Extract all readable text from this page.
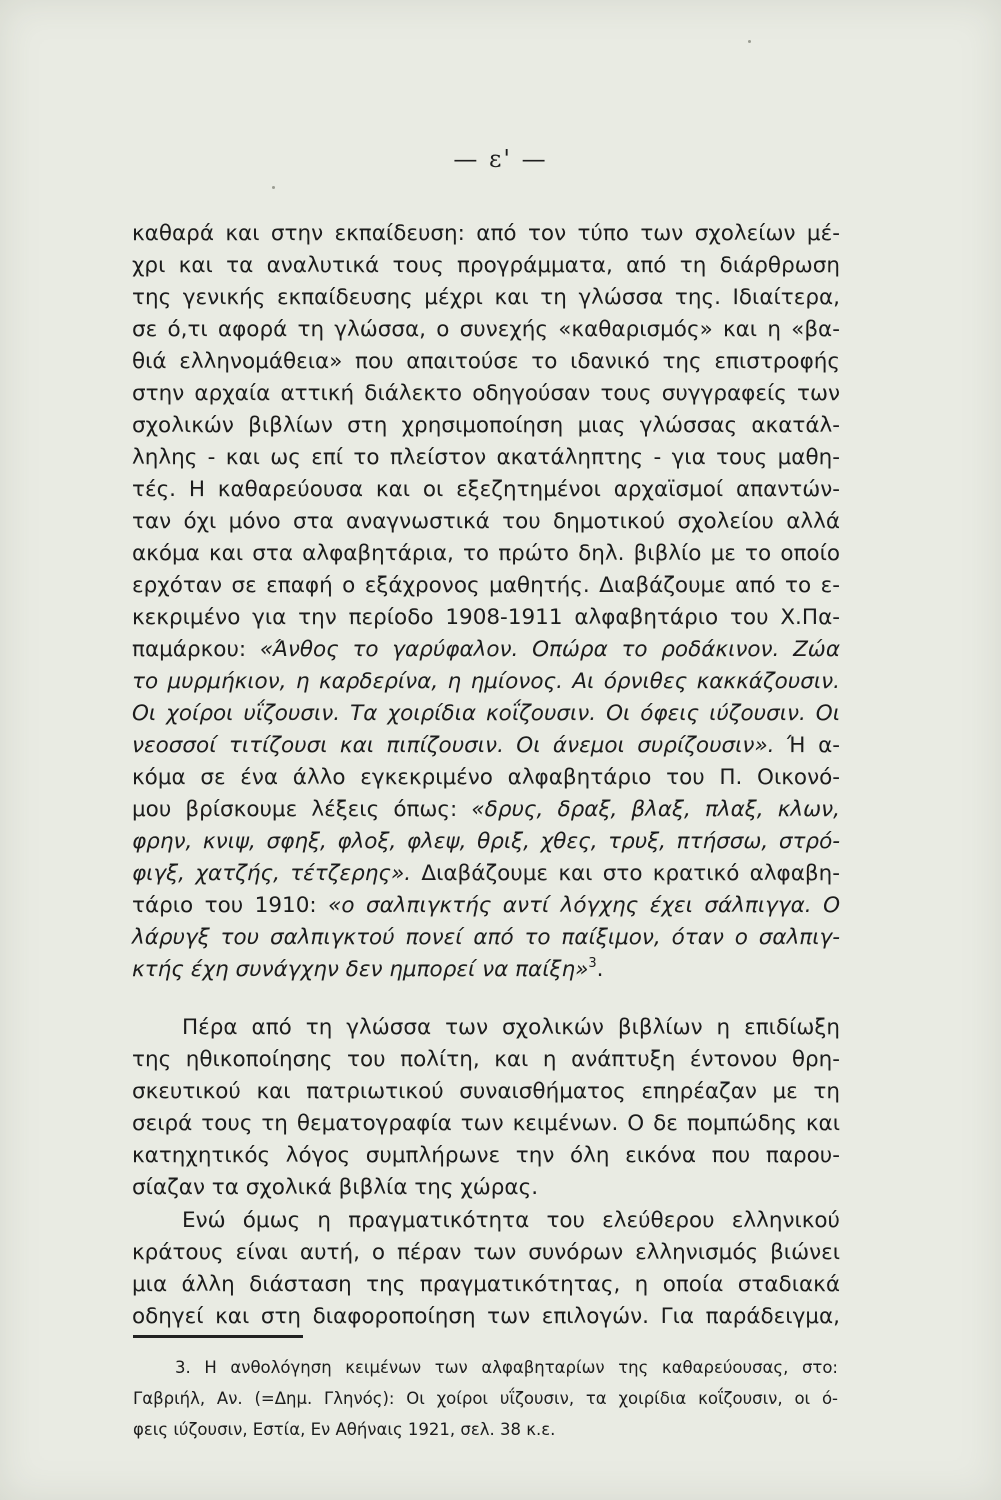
— ε' —
καθαρά και στην εκπαίδευση: από τον τύπο των σχολείων μέ-
χρι και τα αναλυτικά τους προγράμματα, από τη διάρθρωση
της γενικής εκπαίδευσης μέχρι και τη γλώσσα της. Ιδιαίτερα,
σε ό,τι αφορά τη γλώσσα, ο συνεχής «καθαρισμός» και η «βα-
θιά ελληνομάθεια» που απαιτούσε το ιδανικό της επιστροφής
στην αρχαία αττική διάλεκτο οδηγούσαν τους συγγραφείς των
σχολικών βιβλίων στη χρησιμοποίηση μιας γλώσσας ακατάλ-
ληλης - και ως επί το πλείστον ακατάληπτης - για τους μαθη-
τές. Η καθαρεύουσα και οι εξεζητημένοι αρχαϊσμοί απαντών-
ταν όχι μόνο στα αναγνωστικά του δημοτικού σχολείου αλλά
ακόμα και στα αλφαβητάρια, το πρώτο δηλ. βιβλίο με το οποίο
ερχόταν σε επαφή ο εξάχρονος μαθητής. Διαβάζουμε από το ε-
κεκριμένο για την περίοδο 1908-1911 αλφαβητάριο του Χ.Πα-
παμάρκου: «Άνθος το γαρύφαλον. Οπώρα το ροδάκινον. Ζώα
το μυρμήκιον, η καρδερίνα, η ημίονος. Αι όρνιθες κακκάζουσιν.
Οι χοίροι υΐζουσιν. Τα χοιρίδια κοΐζουσιν. Οι όφεις ιύζουσιν. Οι
νεοσσοί τιτίζουσι και πιπίζουσιν. Οι άνεμοι συρίζουσιν». Ή α-
κόμα σε ένα άλλο εγκεκριμένο αλφαβητάριο του Π. Οικονό-
μου βρίσκουμε λέξεις όπως: «δρυς, δραξ, βλαξ, πλαξ, κλων,
φρην, κνιψ, σφηξ, φλοξ, φλεψ, θριξ, χθες, τρυξ, πτήσσω, στρό-
φιγξ, χατζής, τέτζερης». Διαβάζουμε και στο κρατικό αλφαβη-
τάριο του 1910: «ο σαλπιγκτής αντί λόγχης έχει σάλπιγγα. Ο
λάρυγξ του σαλπιγκτού πονεί από το παίξιμον, όταν ο σαλπιγ-
κτής έχη συνάγχην δεν ημπορεί να παίξη»$^3$.
Πέρα από τη γλώσσα των σχολικών βιβλίων η επιδίωξη
της ηθικοποίησης του πολίτη, και η ανάπτυξη έντονου θρη-
σκευτικού και πατριωτικού συναισθήματος επηρέαζαν με τη
σειρά τους τη θεματογραφία των κειμένων. Ο δε πομπώδης και
κατηχητικός λόγος συμπλήρωνε την όλη εικόνα που παρου-
σίαζαν τα σχολικά βιβλία της χώρας.
Ενώ όμως η πραγματικότητα του ελεύθερου ελληνικού
κράτους είναι αυτή, ο πέραν των συνόρων ελληνισμός βιώνει
μια άλλη διάσταση της πραγματικότητας, η οποία σταδιακά
οδηγεί και στη διαφοροποίηση των επιλογών. Για παράδειγμα,
3. Η ανθολόγηση κειμένων των αλφαβηταρίων της καθαρεύουσας, στο:
Γαβριήλ, Αν. (=Δημ. Γληνός): Οι χοίροι υΐζουσιν, τα χοιρίδια κοΐζουσιν, οι ό-
φεις ιύζουσιν, Εστία, Εν Αθήναις 1921, σελ. 38 κ.ε.
